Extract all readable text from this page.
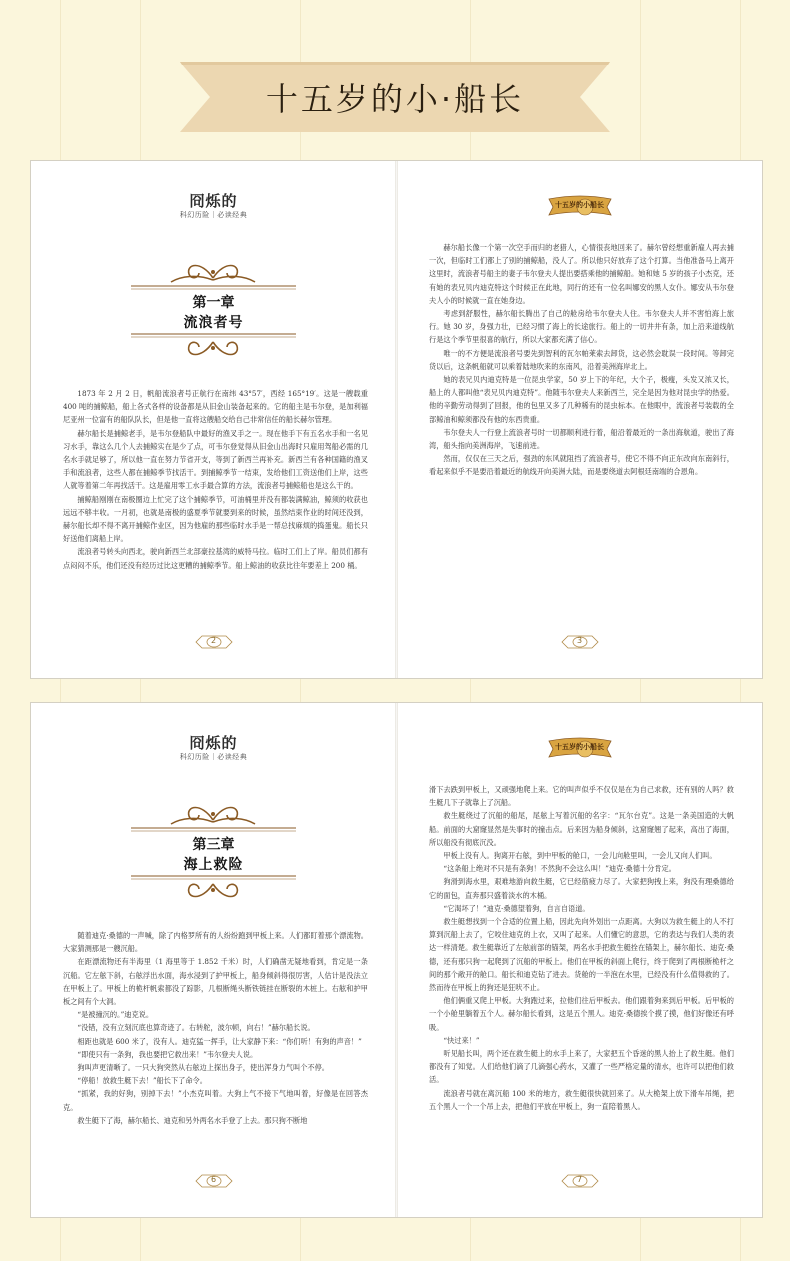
十五岁的小·船长
冏烁的
科幻历险｜必读经典
第一章
流浪者号

1873 年 2 月 2 日，帆船流浪者号正航行在南纬 43°57′，西经 165°19′。这是一艘载重 400 吨的捕鲸船，船上各式各样的设备都是从旧金山装备起来的。它的船主是韦尔登，是加利福尼亚州一位富有的船队队长，但是他一直将这艘船交给自己非常信任的船长赫尔管理。

赫尔船长是捕鲸老手，是韦尔登船队中最好的渔叉手之一。现在他手下有五名水手和一名见习水手，靠这么几个人去捕鲸实在是少了点，可韦尔登觉得从旧金山出海时只雇用驾船必需的几名水手就足够了，所以他一直在努力节省开支，等到了新西兰再补充。新西兰有各种国籍的渔叉手和流浪者，这些人都在捕鲸季节找活干。到捕鲸季节一结束，发给他们工资送他们上岸，这些人就等着第二年再找活干。这是雇用零工水手最合算的方法，流浪者号捕鲸船也是这么干的。

捕鲸船刚刚在南极圈边上忙完了这个捕鲸季节，可油桶里并没有都装满鲸油，鲸须的收获也远远不够丰收。一月初，也就是南极的盛夏季节就要到来的时候，虽然结束作业的时间还没到，赫尔船长却不得不离开捕鲸作业区，因为他雇的那些临时水手是一帮总找麻烦的捣蛋鬼。船长只好送他们离船上岸。

流浪者号转头向西北，驶向新西兰北部豪拉基湾的威特马拉。临时工们上了岸。船员们都有点闷闷不乐，他们还没有经历过比这更糟的捕鲸季节。船上鲸油的收获比往年要差上 200 桶。

2
十五岁的小船长

赫尔船长像一个第一次空手而归的老猎人，心情很丧地回来了。赫尔曾经想重新雇人再去捕一次，但临时工们都上了别的捕鲸船，没人了。所以他只好放弃了这个打算。当他准备马上离开这里时，流浪者号船主的妻子韦尔登夫人提出要搭乘他的捕鲸船。她和她 5 岁的孩子小杰克，还有她的表兄贝内迪克特这个时候正在此地，同行的还有一位名叫娜安的黑人女仆。娜安从韦尔登夫人小的时候就一直在她身边。

考虑到舒服性，赫尔船长腾出了自己的舱房给韦尔登夫人住。韦尔登夫人并不害怕海上旅行。她 30 岁，身强力壮，已经习惯了海上的长途旅行。船上的一切井井有条，加上沿来道线航行是这个季节里很喜的航行，所以大家都充满了信心。

唯一的不方便是流浪者号要先到智利的瓦尔帕莱索去卸货，这必然会耽误一段时间。等卸完货以后，这条帆船就可以乘着陆地吹来的东南风，沿着美洲海岸北上。

她的表兄贝内迪克特是一位昆虫学家，50 岁上下的年纪，大个子，极瘦，头发又浓又长，船上的人都叫他“表兄贝内迪克特”。他随韦尔登夫人来新西兰，完全是因为他对昆虫学的热爱。他的辛勤劳动得到了回报，他的包里又多了几种稀有的昆虫标本。在他眼中，流浪者号装载的全部鲸油和鲸须都没有他的东西贵重。

韦尔登夫人一行登上流浪者号时一切都顺利进行着，船沿着最近的一条出海航道，驶出了海湾，船头指向美洲海岸，飞速前进。

然而，仅仅在三天之后，强劲的东风就阻挡了流浪者号，使它不得不向正东改向东南斜行，看起来似乎不是要沿着最近的航线开向美洲大陆，而是要绕道去阿根廷南端的合恩角。

3
冏烁的
科幻历险｜必读经典
第三章
海上救险

随着迪克·桑德的一声喊，除了内格罗所有的人纷纷跑到甲板上来。人们都盯着那个漂流物。大家猜测那是一艘沉船。

在距漂流物还有半海里（1 海里等于 1.852 千米）时，人们确凿无疑地看到，肯定是一条沉船。它左舷下斜，右舷浮出水面，海水浸到了护甲板上，船身倾斜得很厉害，人估计是没法立在甲板上了。甲板上的桅杆帆索都没了踪影，几根断绳头断铁链挂在断裂的木桩上。右舷和护甲板之间有个大洞。

“是被撞沉的。”迪克说。

“没错，没有立刻沉底也算奇迹了。右转舵，波尔顿，向右！”赫尔船长说。

相距也就是 600 米了，没有人。迪克猛一挥手，让大家静下来：“你们听！有狗的声音！”

“即使只有一条狗，我也要把它救出来！”韦尔登夫人说。

狗叫声更清晰了。一只大狗突然从右舷边上探出身子，使出浑身力气叫个不停。

“停船！放救生艇下去！”船长下了命令。

“抓紧，我的好狗，别掉下去！”小杰克叫着。大狗上气不接下气地叫着，好像是在回答杰克。

救生艇下了海，赫尔船长、迪克和另外两名水手登了上去。那只狗不断地

6
十五岁的小船长

滑下去跌到甲板上，又顽强地爬上来。它的叫声似乎不仅仅是在为自己求救，还有别的人吗？救生艇几下子就靠上了沉船。

救生艇绕过了沉船的船尾，尾舷上写着沉船的名字：“瓦尔台克”。这是一条美国造的大帆船。前面的大窟窿显然是失事时的撞击点。后来因为船身倾斜，这窟窿翘了起来，高出了海面，所以船没有彻底沉没。

甲板上没有人。狗离开右舷，到中甲板的舱口，一会儿向舱里叫，一会儿又向人们叫。

“这条船上绝对不只是有条狗！不然狗不会这么叫！”迪克·桑德十分肯定。

狗滑到海水里，艰难地游向救生艇，它已经筋疲力尽了。大家把狗拽上来，狗没有理桑德给它的面包，直奔那只盛着淡水的木桶。

“它渴坏了！”迪克·桑德望着狗，自言自语道。

救生艇想找到一个合适的位置上船，因此先向外划出一点距离。大狗以为救生艇上的人不打算到沉船上去了，它咬住迪克的上衣，又叫了起来。人们懂它的意思，它的表达与我们人类的表达一样清楚。救生艇靠近了左舷前部的锚架，两名水手把救生艇拴在锚架上，赫尔船长、迪克·桑德，还有那只狗一起爬到了沉船的甲板上。他们在甲板的斜面上爬行，终于爬到了两根断桅杆之间的那个敞开的舱口。船长和迪克钻了进去。货舱的一半泡在水里，已经没有什么值得救的了。然而待在甲板上的狗还是狂吠不止。

他们俩重又爬上甲板。大狗跑过来，拉他们往后甲板去。他们跟着狗来到后甲板。后甲板的一个小舱里躺着五个人。赫尔船长看到，这是五个黑人。迪克·桑德挨个摸了摸，他们好像还有呼吸。

“快过来！”

听见船长叫，两个还在救生艇上的水手上来了，大家把五个昏迷的黑人抬上了救生艇。他们都没有了知觉。人们给他们滴了几滴强心药水，又灌了一些严格定量的清水，也许可以把他们救活。

流浪者号就在离沉船 100 米的地方，救生艇很快就回来了。从大桅架上放下滑车吊绳，把五个黑人一个一个吊上去，把他们平放在甲板上，狗一直陪着黑人。

7
